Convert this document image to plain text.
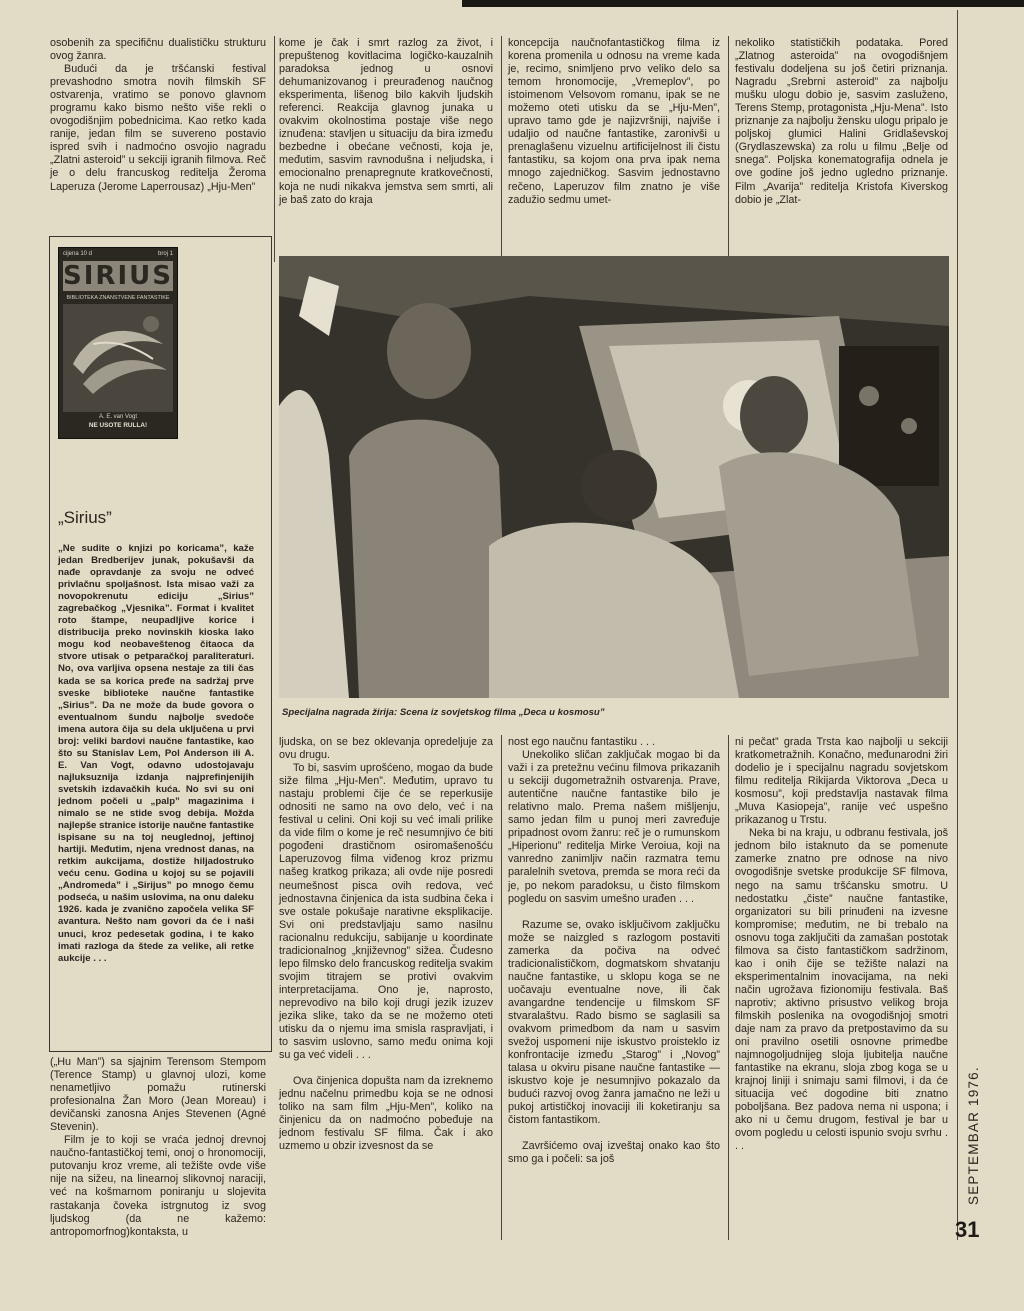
osobenih za specifičnu dualističku strukturu ovog žanra.

Budući da je tršćanski festival prevashodno smotra novih filmskih SF ostvarenja, vratimo se ponovo glavnom programu kako bismo nešto više rekli o ovogodišnjim pobednicima. Kao retko kada ranije, jedan film se suvereno postavio ispred svih i nadmoćno osvojio nagradu „Zlatni asteroid” u sekciji igranih filmova. Reč je o delu francuskog reditelja Žeroma Laperuza (Jerome Laperrousaz) „Hju-Men”

kome je čak i smrt razlog za život, i prepuštenog kovitlacima logičko-kauzalnih paradoksa jednog u osnovi dehumanizovanog i preurađenog naučnog eksperimenta, lišenog bilo kakvih ljudskih referenci. Reakcija glavnog junaka u ovakvim okolnostima postaje više nego iznuđena: stavljen u situaciju da bira između bezbedne i obećane večnosti, koja je, međutim, sasvim ravnodušna i neljudska, i emocionalno prenapregnute kratkovečnosti, koja ne nudi nikakva jemstva sem smrti, ali je baš zato do kraja

koncepcija naučnofantastičkog filma iz korena promenila u odnosu na vreme kada je, recimo, snimljeno prvo veliko delo sa temom hronomocije, „Vremeplov”, po istoimenom Velsovom romanu, ipak se ne možemo oteti utisku da se „Hju-Men”, upravo tamo gde je najizvršniji, najviše i udaljio od naučne fantastike, zaronivši u prenaglašenu vizuelnu artificijelnost ili čistu fantastiku, sa kojom ona prva ipak nema mnogo zajedničkog. Sasvim jednostavno rečeno, Laperuzov film znatno je više zadužio sedmu umet-

nekoliko statističkih podataka. Pored „Zlatnog asteroida” na ovogodišnjem festivalu dodeljena su još četiri priznanja. Nagradu „Srebrni asteroid” za najbolju mušku ulogu dobio je, sasvim zasluženo, Terens Stemp, protagonista „Hju-Mena”. Isto priznanje za najbolju žensku ulogu pripalo je poljskoj glumici Halini Gridlaševskoj (Grydlaszewska) za rolu u filmu „Belje od snega”. Poljska konematografija odnela je ove godine još jedno ugledno priznanje. Film „Avarija” reditelja Kristofa Kiverskog dobio je „Zlat-

cijena 10 d	broj 1
SIRIUS
BIBLIOTEKA ZNANSTVENE FANTASTIKE
A. E. van Vogt
NE USOTE RULLA!
„Sirius”
„Ne sudite o knjizi po koricama”, kaže jedan Bredberijev junak, pokušavši da nađe opravdanje za svoju ne odveć privlačnu spoljašnost. Ista misao važi za novopokrenutu ediciju „Sirius” zagrebačkog „Vjesnika”. Format i kvalitet roto štampe, neupadljive korice i distribucija preko novinskih kioska lako mogu kod neobaveštenog čitaoca da stvore utisak o petparačkoj paraliteraturi. No, ova varljiva opsena nestaje za tili čas kada se sa korica pređe na sadržaj prve sveske biblioteke naučne fantastike „Sirius”. Da ne može da bude govora o eventualnom šundu najbolje svedoče imena autora čija su dela uključena u prvi broj: veliki bardovi naučne fantastike, kao što su Stanislav Lem, Pol Anderson ili A. E. Van Vogt, odavno udostojavaju najluksuznija izdanja najprefinjenijih svetskih izdavačkih kuća. No svi su oni jednom počeli u „palp” magazinima i nimalo se ne stide svog debija. Možda najlepše stranice istorije naučne fantastike ispisane su na toj neuglednoj, jeftinoj hartiji. Međutim, njena vrednost danas, na retkim aukcijama, dostiže hiljadostruko veću cenu. Godina u kojoj su se pojavili „Andromeda” i „Sirijus” po mnogo čemu podseća, u našim uslovima, na onu daleku 1926. kada je zvanično započela velika SF avantura. Nešto nam govori da će i naši unuci, kroz pedesetak godina, i te kako imati razloga da štede za velike, ali retke aukcije . . .
Specijalna nagrada žirija: Scena iz sovjetskog filma „Deca u kosmosu”

(„Hu Man”) sa sjajnim Terensom Stempom (Terence Stamp) u glavnoj ulozi, kome nenametljivo pomažu rutinerski profesionalna Žan Moro (Jean Moreau) i devičanski zanosna Anjes Stevenen (Agné Stevenin).

Film je to koji se vraća jednoj drevnoj naučno-fantastičkoj temi, onoj o hronomociji, putovanju kroz vreme, ali težište ovde više nije na sižeu, na linearnoj slikovnoj naraciji, već na košmarnom poniranju u slojevita rastakanja čoveka istrgnutog iz svog ljudskog (da ne kažemo: antropomorfnog)kontaksta, u

ljudska, on se bez oklevanja opredeljuje za ovu drugu.

To bi, sasvim uprošćeno, mogao da bude siže filma „Hju-Men”. Međutim, upravo tu nastaju problemi čije će se reperkusije odnositi ne samo na ovo delo, već i na festival u celini. Oni koji su već imali prilike da vide film o kome je reč nesumnjivo će biti pogođeni drastičnom osiromašenošću Laperuzovog filma viđenog kroz prizmu našeg kratkog prikaza; ali ovde nije posredi neumešnost pisca ovih redova, već jednostavna činjenica da ista sudbina čeka i sve ostale pokušaje narativne eksplikacije. Svi oni predstavljaju samo nasilnu racionalnu redukciju, sabijanje u koordinate tradicionalnog „književnog” sižea. Čudesno lepo filmsko delo francuskog reditelja svakim svojim titrajem se protivi ovakvim interpretacijama. Ono je, naprosto, neprevodivo na bilo koji drugi jezik izuzev jezika slike, tako da se ne možemo oteti utisku da o njemu ima smisla raspravljati, i to sasvim uslovno, samo među onima koji su ga već videli . . .

Ova činjenica dopušta nam da izreknemo jednu načelnu primedbu koja se ne odnosi toliko na sam film „Hju-Men”, koliko na činjenicu da on nadmoćno pobeđuje na jednom festivalu SF filma. Čak i ako uzmemo u obzir izvesnost da se

nost ego naučnu fantastiku . . .

Unekoliko sličan zaključak mogao bi da važi i za pretežnu većinu filmova prikazanih u sekciji dugometražnih ostvarenja. Prave, autentične naučne fantastike bilo je relativno malo. Prema našem mišljenju, samo jedan film u punoj meri zavređuje pripadnost ovom žanru: reč je o rumunskom „Hiperionu” reditelja Mirke Veroiua, koji na vanredno zanimljiv način razmatra temu paralelnih svetova, premda se mora reći da je, po nekom paradoksu, u čisto filmskom pogledu on sasvim umešno urađen . . .

Razume se, ovako isključivom zaključku može se naizgled s razlogom postaviti zamerka da počiva na odveć tradicionalističkom, dogmatskom shvatanju naučne fantastike, u sklopu koga se ne uočavaju eventualne nove, ili čak avangardne tendencije u filmskom SF stvaralaštvu. Rado bismo se saglasili sa ovakvom primedbom da nam u sasvim svežoj uspomeni nije iskustvo proisteklo iz konfrontacije između „Starog” i „Novog” talasa u okviru pisane naučne fantastike — iskustvo koje je nesumnjivo pokazalo da budući razvoj ovog žanra jamačno ne leži u pukoj artističkoj inovaciji ili koketiranju sa čistom fantastikom.

Završićemo ovaj izveštaj onako kao što smo ga i počeli: sa još

ni pečat” grada Trsta kao najbolji u sekciji kratkometražnih. Konačno, međunarodni žiri dodelio je i specijalnu nagradu sovjetskom filmu reditelja Rikijarda Viktorova „Deca u kosmosu”, koji predstavlja nastavak filma „Muva Kasiopeja”, ranije već uspešno prikazanog u Trstu.

Neka bi na kraju, u odbranu festivala, još jednom bilo istaknuto da se pomenute zamerke znatno pre odnose na nivo ovogodišnje svetske produkcije SF filmova, nego na samu tršćansku smotru. U nedostatku „čiste” naučne fantastike, organizatori su bili prinuđeni na izvesne kompromise; međutim, ne bi trebalo na osnovu toga zaključiti da zamašan postotak filmova sa čisto fantastičkom sadržinom, kao i onih čije se težište nalazi na eksperimentalnim inovacijama, na neki način ugrožava fizionomiju festivala. Baš naprotiv; aktivno prisustvo velikog broja filmskih poslenika na ovogodišnjoj smotri daje nam za pravo da pretpostavimo da su oni pravilno osetili osnovne primedbe najmnogoljudnijeg sloja ljubitelja naučne fantastike na ekranu, sloja zbog koga se u krajnoj liniji i snimaju sami filmovi, i da će situacija već dogodine biti znatno poboljšana. Bez padova nema ni uspona; i ako ni u čemu drugom, festival je bar u ovom pogledu u celosti ispunio svoju svrhu . . .	SEPTEMBAR 1976.
31
